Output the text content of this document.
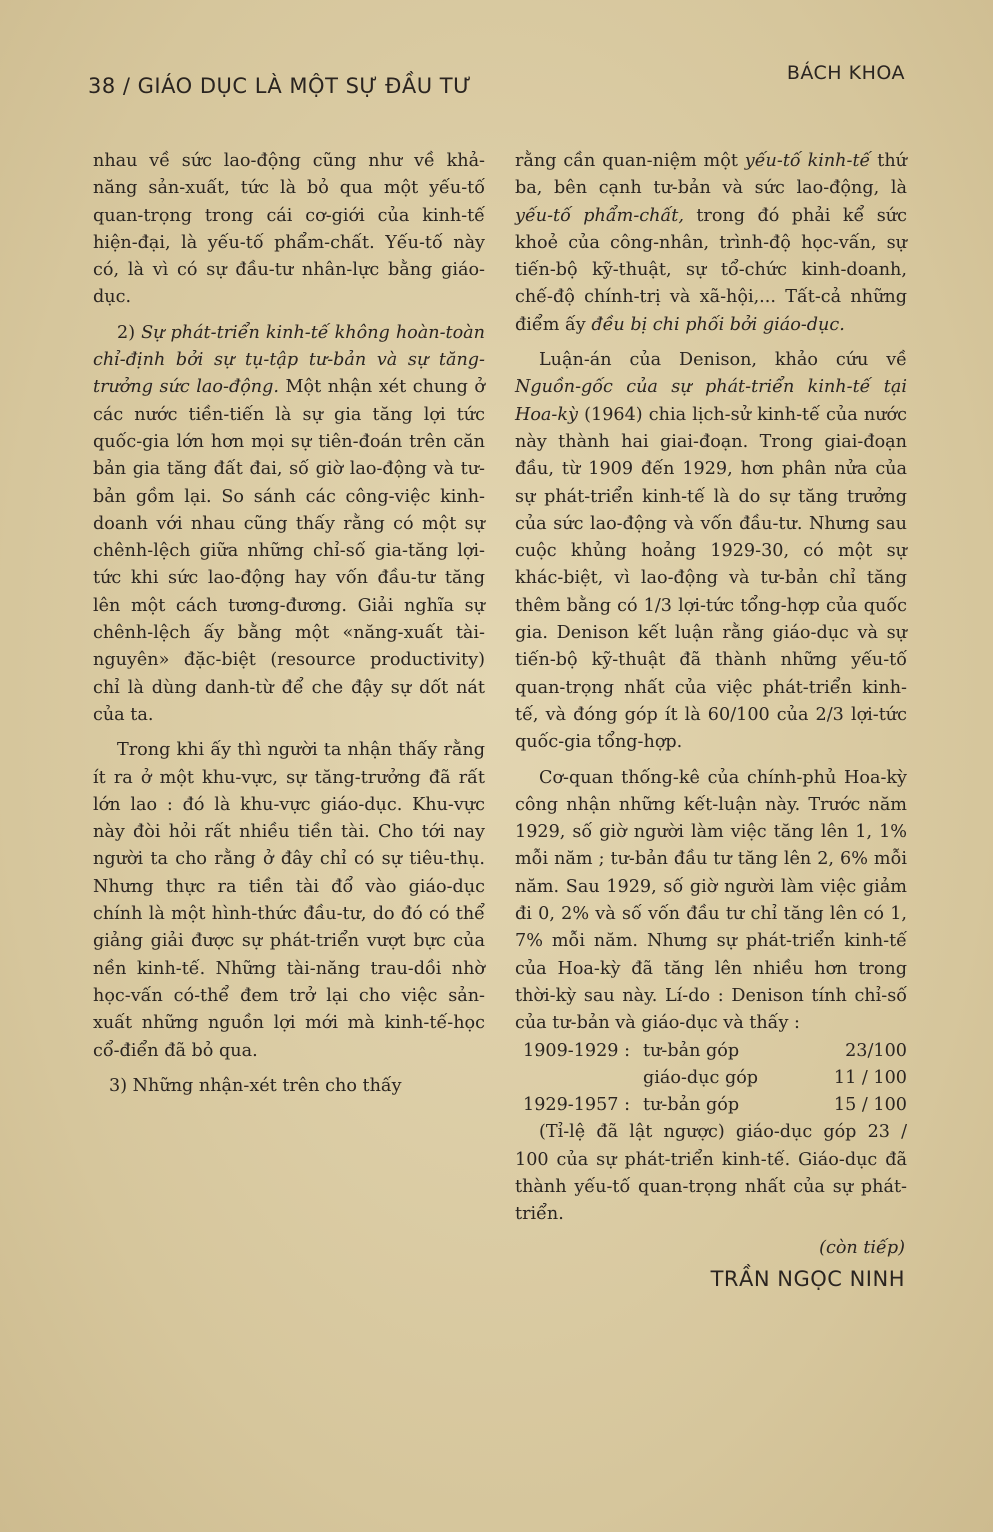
38 / GIÁO DỤC LÀ MỘT SỰ ĐẦU TƯ
BÁCH KHOA

nhau về sức lao-động cũng như về khả-năng sản-xuất, tức là bỏ qua một yếu-tố quan-trọng trong cái cơ-giới của kinh-tế hiện-đại, là yếu-tố phẩm-chất. Yếu-tố này có, là vì có sự đầu-tư nhân-lực bằng giáo-dục.

2) Sự phát-triển kinh-tế không hoàn-toàn chỉ-định bởi sự tụ-tập tư-bản và sự tăng-trưởng sức lao-động. Một nhận xét chung ở các nước tiền-tiến là sự gia tăng lợi tức quốc-gia lớn hơn mọi sự tiên-đoán trên căn bản gia tăng đất đai, số giờ lao-động và tư-bản gồm lại. So sánh các công-việc kinh-doanh với nhau cũng thấy rằng có một sự chênh-lệch giữa những chỉ-số gia-tăng lợi-tức khi sức lao-động hay vốn đầu-tư tăng lên một cách tương-đương. Giải nghĩa sự chênh-lệch ấy bằng một «năng-xuất tài-nguyên» đặc-biệt (resource productivity) chỉ là dùng danh-từ để che đậy sự dốt nát của ta.

Trong khi ấy thì người ta nhận thấy rằng ít ra ở một khu-vực, sự tăng-trưởng đã rất lớn lao : đó là khu-vực giáo-dục. Khu-vực này đòi hỏi rất nhiều tiền tài. Cho tới nay người ta cho rằng ở đây chỉ có sự tiêu-thụ. Nhưng thực ra tiền tài đổ vào giáo-dục chính là một hình-thức đầu-tư, do đó có thể giảng giải được sự phát-triển vượt bực của nền kinh-tế. Những tài-năng trau-dồi nhờ học-vấn có-thể đem trở lại cho việc sản-xuất những nguồn lợi mới mà kinh-tế-học cổ-điển đã bỏ qua.

3) Những nhận-xét trên cho thấy

rằng cần quan-niệm một yếu-tố kinh-tế thứ ba, bên cạnh tư-bản và sức lao-động, là yếu-tố phẩm-chất, trong đó phải kể sức khoẻ của công-nhân, trình-độ học-vấn, sự tiến-bộ kỹ-thuật, sự tổ-chức kinh-doanh, chế-độ chính-trị và xã-hội,... Tất-cả những điểm ấy đều bị chi phối bởi giáo-dục.

Luận-án của Denison, khảo cứu về Nguồn-gốc của sự phát-triển kinh-tế tại Hoa-kỳ (1964) chia lịch-sử kinh-tế của nước này thành hai giai-đoạn. Trong giai-đoạn đầu, từ 1909 đến 1929, hơn phân nửa của sự phát-triển kinh-tế là do sự tăng trưởng của sức lao-động và vốn đầu-tư. Nhưng sau cuộc khủng hoảng 1929-30, có một sự khác-biệt, vì lao-động và tư-bản chỉ tăng thêm bằng có 1/3 lợi-tức tổng-hợp của quốc gia. Denison kết luận rằng giáo-dục và sự tiến-bộ kỹ-thuật đã thành những yếu-tố quan-trọng nhất của việc phát-triển kinh-tế, và đóng góp ít là 60/100 của 2/3 lợi-tức quốc-gia tổng-hợp.

Cơ-quan thống-kê của chính-phủ Hoa-kỳ công nhận những kết-luận này. Trước năm 1929, số giờ người làm việc tăng lên 1, 1% mỗi năm ; tư-bản đầu tư tăng lên 2, 6% mỗi năm. Sau 1929, số giờ người làm việc giảm đi 0, 2% và số vốn đầu tư chỉ tăng lên có 1, 7% mỗi năm. Nhưng sự phát-triển kinh-tế của Hoa-kỳ đã tăng lên nhiều hơn trong thời-kỳ sau này. Lí-do : Denison tính chỉ-số của tư-bản và giáo-dục và thấy :

1909-1929 : tư-bản góp	23/100
giáo-dục góp	11 / 100
1929-1957 : tư-bản góp	15 / 100

(Tỉ-lệ đã lật ngược) giáo-dục góp 23 / 100 của sự phát-triển kinh-tế. Giáo-dục đã thành yếu-tố quan-trọng nhất của sự phát-triển.

(còn tiếp)
TRẦN NGỌC NINH
